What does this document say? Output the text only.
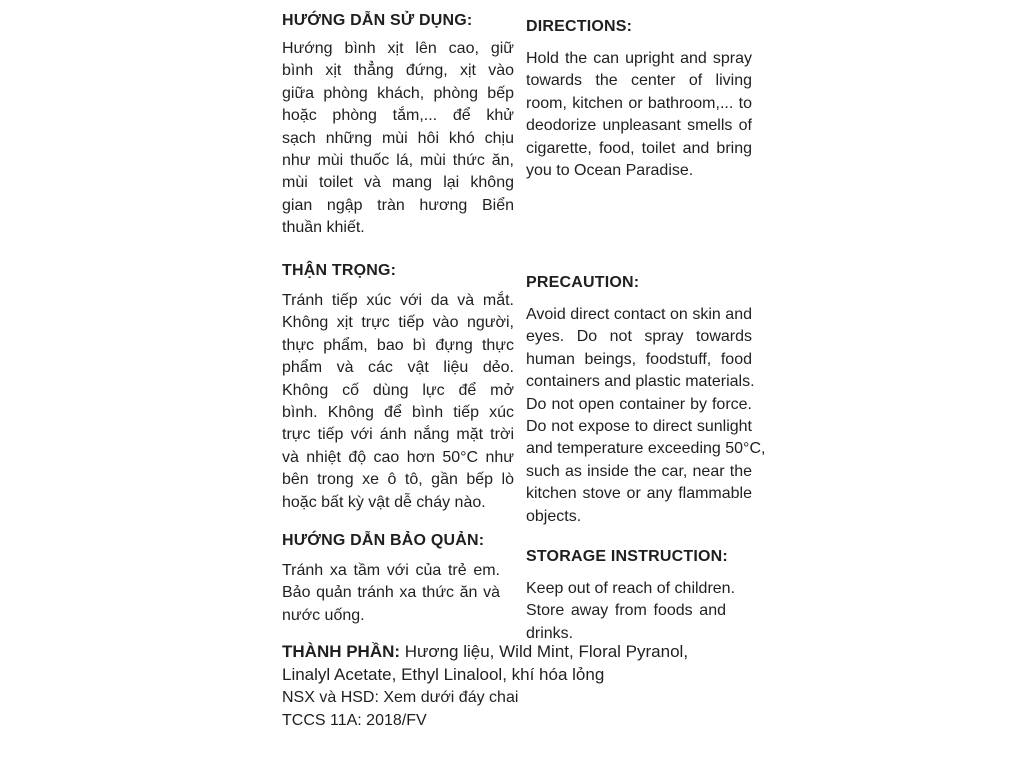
HƯỚNG DẪN SỬ DỤNG:

Hướng bình xịt lên cao, giữ
bình xịt thẳng đứng, xịt vào
giữa phòng khách, phòng bếp
hoặc phòng tắm,... để khử
sạch những mùi hôi khó chịu
như mùi thuốc lá, mùi thức ăn,
mùi toilet và mang lại không
gian ngập tràn hương Biển
thuần khiết.

THẬN TRỌNG:

Tránh tiếp xúc với da và mắt.
Không xịt trực tiếp vào người,
thực phẩm, bao bì đựng thực
phẩm và các vật liệu dẻo.
Không cố dùng lực để mở
bình. Không để bình tiếp xúc
trực tiếp với ánh nắng mặt trời
và nhiệt độ cao hơn 50°C như
bên trong xe ô tô, gần bếp lò
hoặc bất kỳ vật dễ cháy nào.

HƯỚNG DẪN BẢO QUẢN:

Tránh xa tầm với của trẻ em.
Bảo quản tránh xa thức ăn và
nước uống.

DIRECTIONS:

Hold the can upright and spray
towards the center of living
room, kitchen or bathroom,... to
deodorize unpleasant smells of
cigarette, food, toilet and bring
you to Ocean Paradise.

PRECAUTION:

Avoid direct contact on skin and
eyes. Do not spray towards
human beings, foodstuff, food
containers and plastic materials.
Do not open container by force.
Do not expose to direct sunlight
and temperature exceeding 50°C,
such as inside the car, near the
kitchen stove or any flammable
objects.

STORAGE INSTRUCTION:

Keep out of reach of children.
Store away from foods and
drinks.

THÀNH PHẦN: Hương liệu, Wild Mint, Floral Pyranol,
Linalyl Acetate, Ethyl Linalool, khí hóa lỏng
NSX và HSD: Xem dưới đáy chai
TCCS 11A: 2018/FV
